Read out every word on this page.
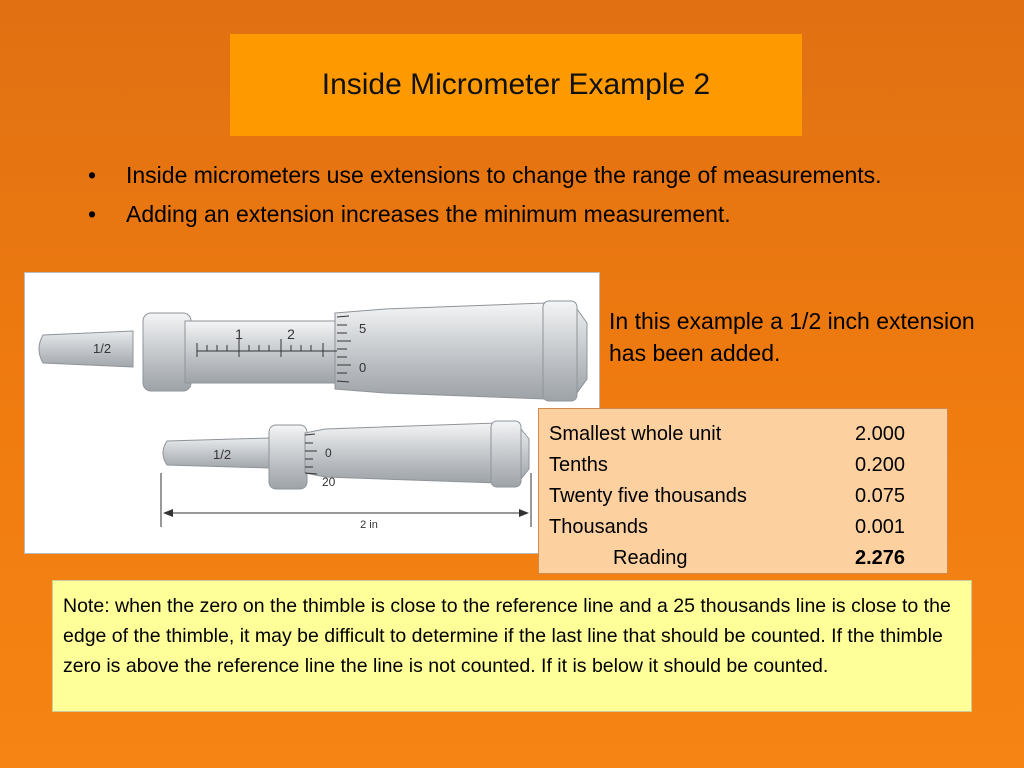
Inside Micrometer Example 2
• Inside micrometers use extensions to change the range of measurements.
• Adding an extension increases the minimum measurement.
1/2
1	2	5
0
1/2	0
20
2 in
In this example a 1/2 inch extension has been added.
Smallest whole unit	2.000
Tenths	0.200
Twenty five thousands	0.075
Thousands	0.001
Reading	2.276
Note: when the zero on the thimble is close to the reference line and a 25 thousands line is close to the edge of the thimble, it may be difficult to determine if the last line that should be counted. If the thimble zero is above the reference line the line is not counted. If it is below it should be counted.
